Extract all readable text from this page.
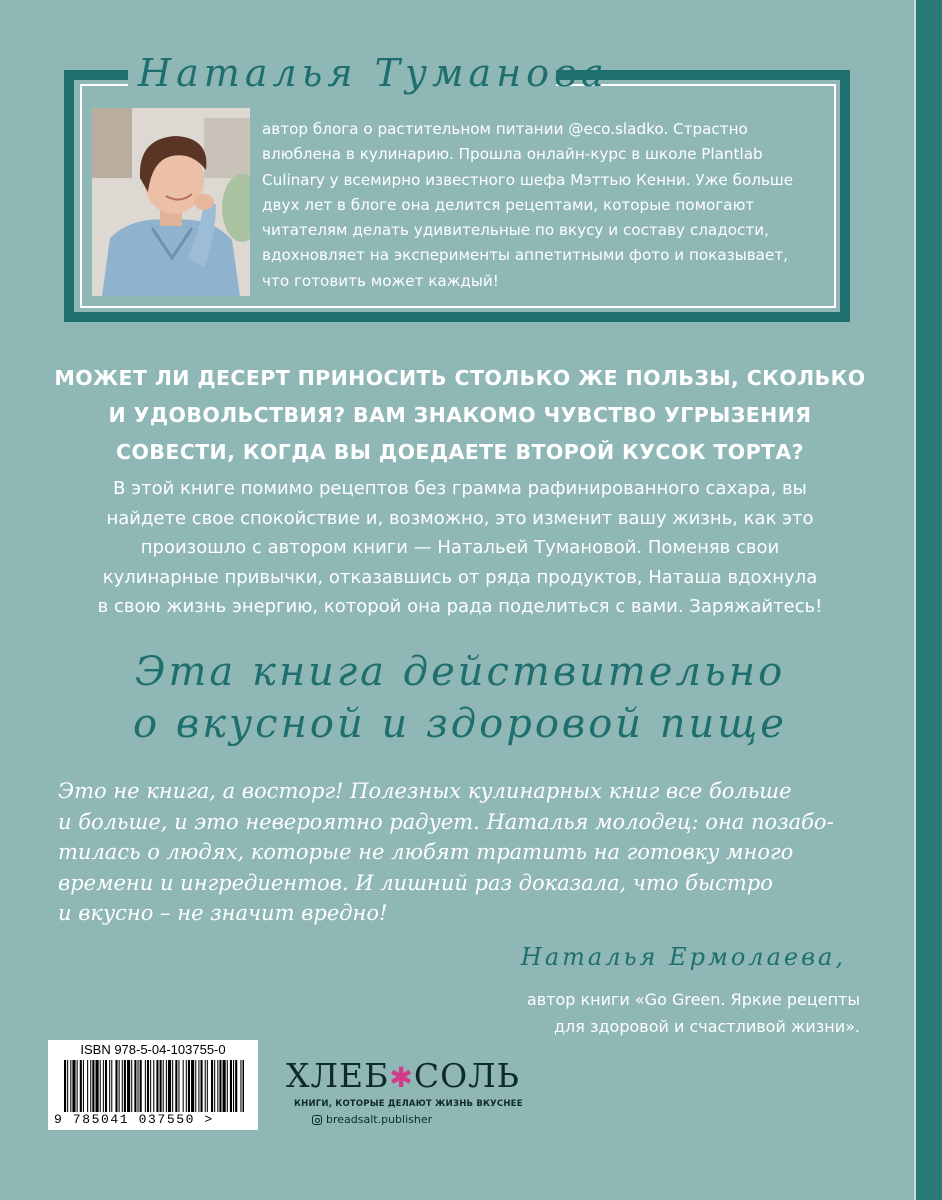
Наталья Туманова
автор блога о растительном питании @eco.sladko. Страстно
влюблена в кулинарию. Прошла онлайн-курс в школе Plantlab
Culinary у всемирно известного шефа Мэттью Кенни. Уже больше
двух лет в блоге она делится рецептами, которые помогают
читателям делать удивительные по вкусу и составу сладости,
вдохновляет на эксперименты аппетитными фото и показывает,
что готовить может каждый!
МОЖЕТ ЛИ ДЕСЕРТ ПРИНОСИТЬ СТОЛЬКО ЖЕ ПОЛЬЗЫ, СКОЛЬКО
И УДОВОЛЬСТВИЯ? ВАМ ЗНАКОМО ЧУВСТВО УГРЫЗЕНИЯ
СОВЕСТИ, КОГДА ВЫ ДОЕДАЕТЕ ВТОРОЙ КУСОК ТОРТА?
В этой книге помимо рецептов без грамма рафинированного сахара, вы
найдете свое спокойствие и, возможно, это изменит вашу жизнь, как это
произошло с автором книги — Натальей Тумановой. Поменяв свои
кулинарные привычки, отказавшись от ряда продуктов, Наташа вдохнула
в свою жизнь энергию, которой она рада поделиться с вами. Заряжайтесь!
Эта книга действительно
о вкусной и здоровой пище
Это не книга, а восторг! Полезных кулинарных книг все больше
и больше, и это невероятно радует. Наталья молодец: она позабо-
тилась о людях, которые не любят тратить на готовку много
времени и ингредиентов. И лишний раз доказала, что быстро
и вкусно – не значит вредно!
Наталья Ермолаева,
автор книги «Go Green. Яркие рецепты
для здоровой и счастливой жизни».
ISBN 978-5-04-103755-0
9 785041 037550 >
ХЛЕБ✱СОЛЬ
КНИГИ, КОТОРЫЕ ДЕЛАЮТ ЖИЗНЬ ВКУСНЕЕ
breadsalt.publisher
